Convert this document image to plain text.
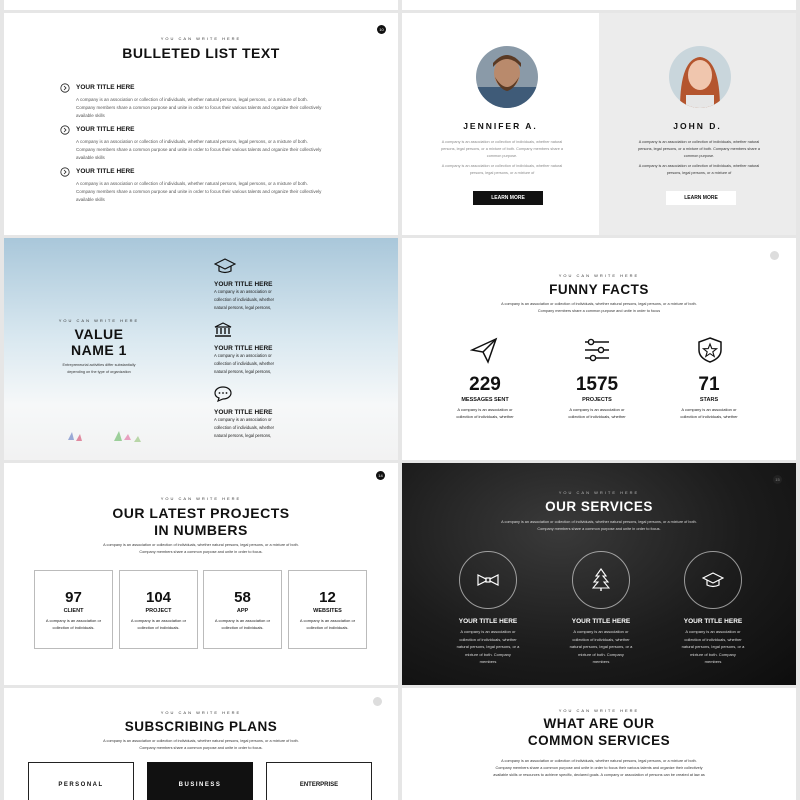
10
YOU CAN WRITE HERE
BULLETED LIST TEXT
YOUR TITLE HERE
A company is an association or collection of individuals, whether natural persons, legal persons, or a mixture of both.
Company members share a common purpose and unite in order to focus their various talents and organize their collectively
available skills
YOUR TITLE HERE
A company is an association or collection of individuals, whether natural persons, legal persons, or a mixture of both.
Company members share a common purpose and unite in order to focus their various talents and organize their collectively
available skills
YOUR TITLE HERE
A company is an association or collection of individuals, whether natural persons, legal persons, or a mixture of both.
Company members share a common purpose and unite in order to focus their various talents and organize their collectively
available skills
JENNIFER A.	JOHN D.
A company is an association or collection of individuals, whether natural
persons, legal persons, or a mixture of both. Company members share a
common purpose.
A company is an association or collection of individuals, whether natural
persons, legal persons, or a mixture of
A company is an association or collection of individuals, whether natural
persons, legal persons, or a mixture of both. Company members share a
common purpose.
A company is an association or collection of individuals, whether natural
persons, legal persons, or a mixture of
LEARN MORE	LEARN MORE
YOU CAN WRITE HERE
VALUE
NAME 1
Entrepreneurial activities differ substantially
depending on the type of organization
YOUR TITLE HERE
A company is an association or
collection of individuals, whether
natural persons, legal persons,
YOUR TITLE HERE
A company is an association or
collection of individuals, whether
natural persons, legal persons,
YOUR TITLE HERE
A company is an association or
collection of individuals, whether
natural persons, legal persons,
YOU CAN WRITE HERE
FUNNY FACTS
A company is an association or collection of individuals, whether natural persons, legal persons, or a mixture of both.
Company members share a common purpose and unite in order to focus
229
MESSAGES SENT
A company is an association or
collection of individuals, whether
1575
PROJECTS
A company is an association or
collection of individuals, whether
71
STARS
A company is an association or
collection of individuals, whether
14
YOU CAN WRITE HERE
OUR LATEST PROJECTS
IN NUMBERS
A company is an association or collection of individuals, whether natural persons, legal persons, or a mixture of both.
Company members share a common purpose and unite in order to focus.
97
CLIENT
A company is an association or
collection of individuals.
104
PROJECT
A company is an association or
collection of individuals.
58
APP
A company is an association or
collection of individuals.
12
WEBSITES
A company is an association or
collection of individuals.
15
YOU CAN WRITE HERE
OUR SERVICES
A company is an association or collection of individuals, whether natural persons, legal persons, or a mixture of both.
Company members share a common purpose and unite in order to focus.
YOUR TITLE HERE
A company is an association or
collection of individuals, whether
natural persons, legal persons, or a
mixture of both. Company
members
YOUR TITLE HERE
A company is an association or
collection of individuals, whether
natural persons, legal persons, or a
mixture of both. Company
members
YOUR TITLE HERE
A company is an association or
collection of individuals, whether
natural persons, legal persons, or a
mixture of both. Company
members
YOU CAN WRITE HERE
SUBSCRIBING PLANS
A company is an association or collection of individuals, whether natural persons, legal persons, or a mixture of both.
Company members share a common purpose and unite in order to focus.
PERSONAL	BUSINESS	ENTERPRISE
YOU CAN WRITE HERE
WHAT ARE OUR
COMMON SERVICES
A company is an association or collection of individuals, whether natural persons, legal persons, or a mixture of both.
Company members share a common purpose and unite in order to focus their various talents and organize their collectively
available skills or resources to achieve specific, declared goals. A company or association of persons can be created at law as
